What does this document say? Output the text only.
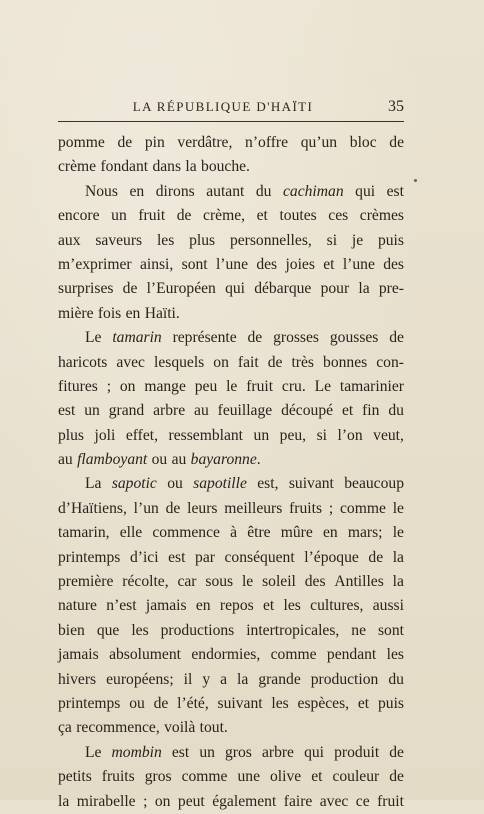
LA RÉPUBLIQUE D'HAÏTI	35
pomme de pin verdâtre, n’offre qu’un bloc de
crème fondant dans la bouche.
Nous en dirons autant du cachiman qui est
encore un fruit de crème, et toutes ces crèmes
aux saveurs les plus personnelles, si je puis
m’exprimer ainsi, sont l’une des joies et l’une des
surprises de l’Européen qui débarque pour la pre-
mière fois en Haïti.
Le tamarin représente de grosses gousses de
haricots avec lesquels on fait de très bonnes con-
fitures ; on mange peu le fruit cru. Le tamarinier
est un grand arbre au feuillage découpé et fin du
plus joli effet, ressemblant un peu, si l’on veut,
au flamboyant ou au bayaronne.
La sapotic ou sapotille est, suivant beaucoup
d’Haïtiens, l’un de leurs meilleurs fruits ; comme le
tamarin, elle commence à être mûre en mars; le
printemps d’ici est par conséquent l’époque de la
première récolte, car sous le soleil des Antilles la
nature n’est jamais en repos et les cultures, aussi
bien que les productions intertropicales, ne sont
jamais absolument endormies, comme pendant les
hivers européens; il y a la grande production du
printemps ou de l’été, suivant les espèces, et puis
ça recommence, voilà tout.
Le mombin est un gros arbre qui produit de
petits fruits gros comme une olive et couleur de
la mirabelle ; on peut également faire avec ce fruit
